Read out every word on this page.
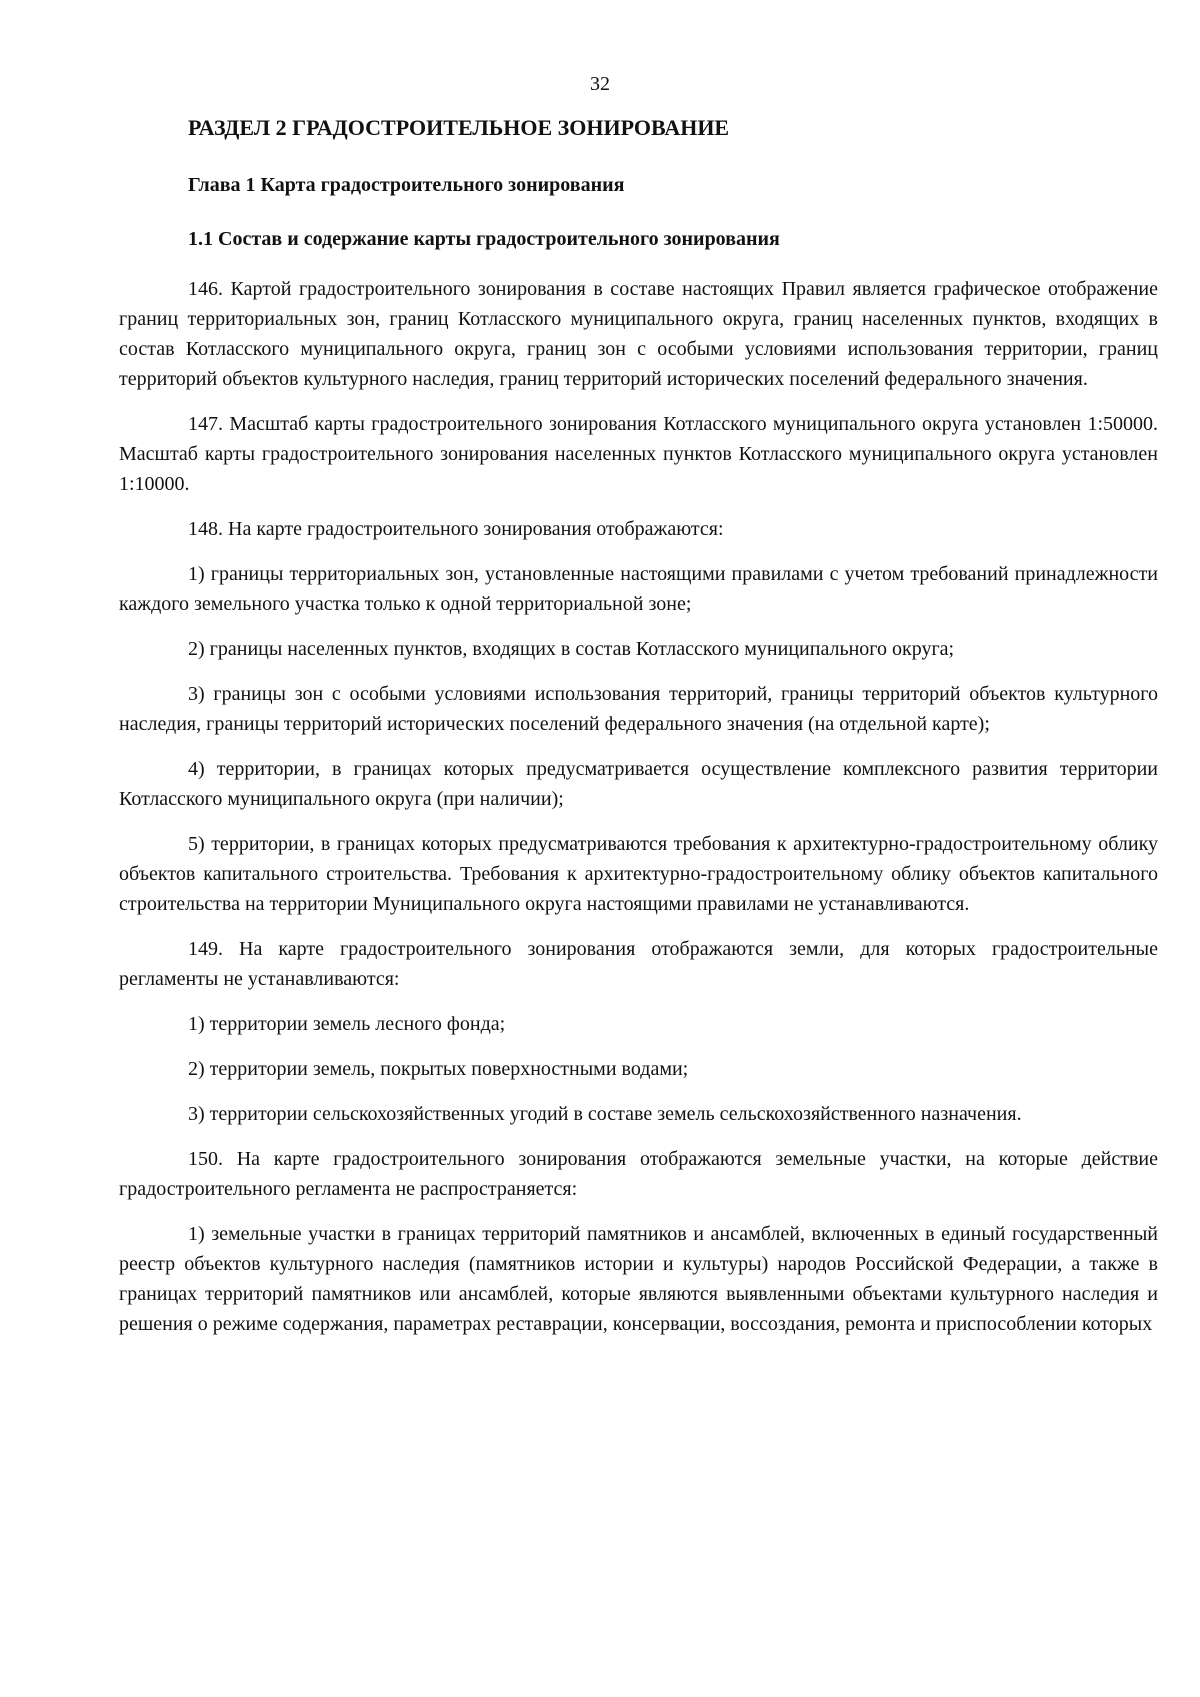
32
РАЗДЕЛ 2 ГРАДОСТРОИТЕЛЬНОЕ ЗОНИРОВАНИЕ
Глава 1 Карта градостроительного зонирования
1.1 Состав и содержание карты градостроительного зонирования

146. Картой градостроительного зонирования в составе настоящих Правил является графическое отображение границ территориальных зон, границ Котласского муниципального округа, границ населенных пунктов, входящих в состав Котласского муниципального округа, границ зон с особыми условиями использования территории, границ территорий объектов культурного наследия, границ территорий исторических поселений федерального значения.

147. Масштаб карты градостроительного зонирования Котласского муниципального округа установлен 1:50000. Масштаб карты градостроительного зонирования населенных пунктов Котласского муниципального округа установлен 1:10000.

148. На карте градостроительного зонирования отображаются:

1) границы территориальных зон, установленные настоящими правилами с учетом требований принадлежности каждого земельного участка только к одной территориальной зоне;

2) границы населенных пунктов, входящих в состав Котласского муниципального округа;

3) границы зон с особыми условиями использования территорий, границы территорий объектов культурного наследия, границы территорий исторических поселений федерального значения (на отдельной карте);

4) территории, в границах которых предусматривается осуществление комплексного развития территории Котласского муниципального округа (при наличии);

5) территории, в границах которых предусматриваются требования к архитектурно-градостроительному облику объектов капитального строительства. Требования к архитектурно-градостроительному облику объектов капитального строительства на территории Муниципального округа настоящими правилами не устанавливаются.

149. На карте градостроительного зонирования отображаются земли, для которых градостроительные регламенты не устанавливаются:

1) территории земель лесного фонда;

2) территории земель, покрытых поверхностными водами;

3) территории сельскохозяйственных угодий в составе земель сельскохозяйственного назначения.

150. На карте градостроительного зонирования отображаются земельные участки, на которые действие градостроительного регламента не распространяется:

1) земельные участки в границах территорий памятников и ансамблей, включенных в единый государственный реестр объектов культурного наследия (памятников истории и культуры) народов Российской Федерации, а также в границах территорий памятников или ансамблей, которые являются выявленными объектами культурного наследия и решения о режиме содержания, параметрах реставрации, консервации, воссоздания, ремонта и приспособлении которых
